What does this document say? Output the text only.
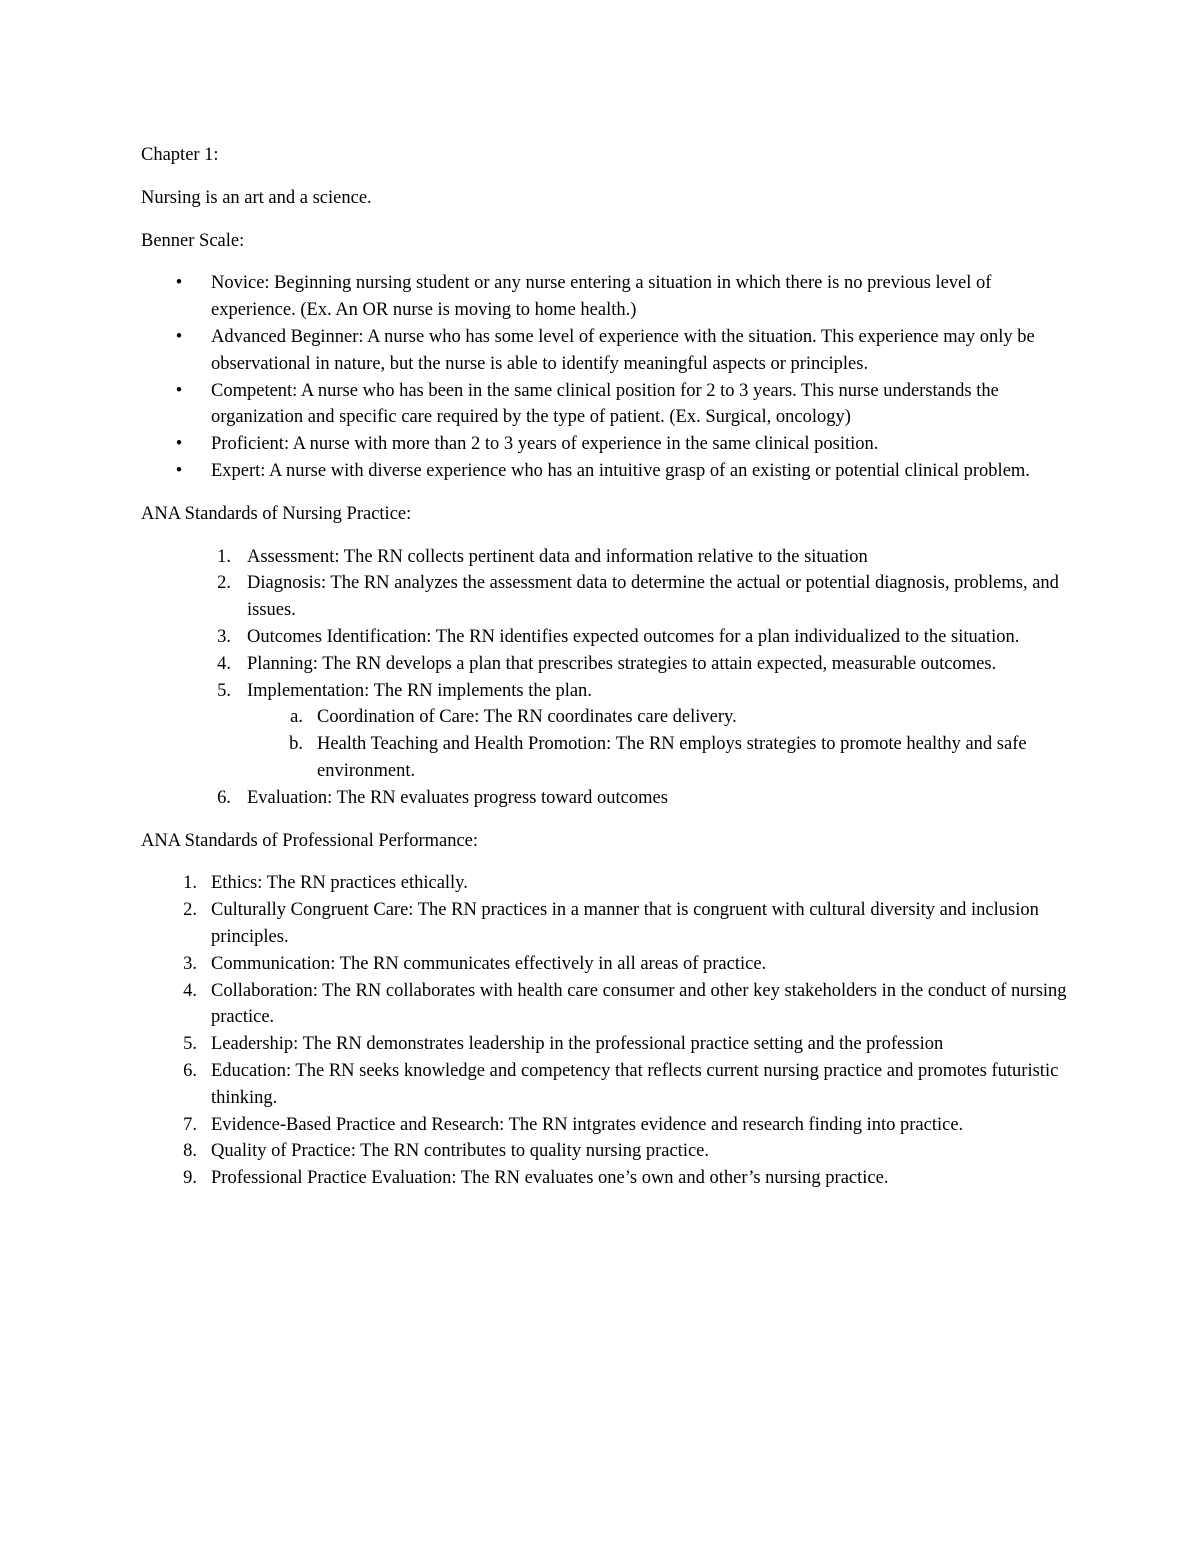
Chapter 1:

Nursing is an art and a science.

Benner Scale:

• Novice: Beginning nursing student or any nurse entering a situation in which there is no previous level of experience. (Ex. An OR nurse is moving to home health.)
• Advanced Beginner: A nurse who has some level of experience with the situation. This experience may only be observational in nature, but the nurse is able to identify meaningful aspects or principles.
• Competent: A nurse who has been in the same clinical position for 2 to 3 years. This nurse understands the organization and specific care required by the type of patient. (Ex. Surgical, oncology)
• Proficient: A nurse with more than 2 to 3 years of experience in the same clinical position.
• Expert: A nurse with diverse experience who has an intuitive grasp of an existing or potential clinical problem.

ANA Standards of Nursing Practice:

1. Assessment: The RN collects pertinent data and information relative to the situation
2. Diagnosis: The RN analyzes the assessment data to determine the actual or potential diagnosis, problems, and issues.
3. Outcomes Identification: The RN identifies expected outcomes for a plan individualized to the situation.
4. Planning: The RN develops a plan that prescribes strategies to attain expected, measurable outcomes.
5. Implementation: The RN implements the plan.
a. Coordination of Care: The RN coordinates care delivery.
b. Health Teaching and Health Promotion: The RN employs strategies to promote healthy and safe environment.
6. Evaluation: The RN evaluates progress toward outcomes

ANA Standards of Professional Performance:

1. Ethics: The RN practices ethically.
2. Culturally Congruent Care: The RN practices in a manner that is congruent with cultural diversity and inclusion principles.
3. Communication: The RN communicates effectively in all areas of practice.
4. Collaboration: The RN collaborates with health care consumer and other key stakeholders in the conduct of nursing practice.
5. Leadership: The RN demonstrates leadership in the professional practice setting and the profession
6. Education: The RN seeks knowledge and competency that reflects current nursing practice and promotes futuristic thinking.
7. Evidence-Based Practice and Research: The RN intgrates evidence and research finding into practice.
8. Quality of Practice: The RN contributes to quality nursing practice.
9. Professional Practice Evaluation: The RN evaluates one’s own and other’s nursing practice.
